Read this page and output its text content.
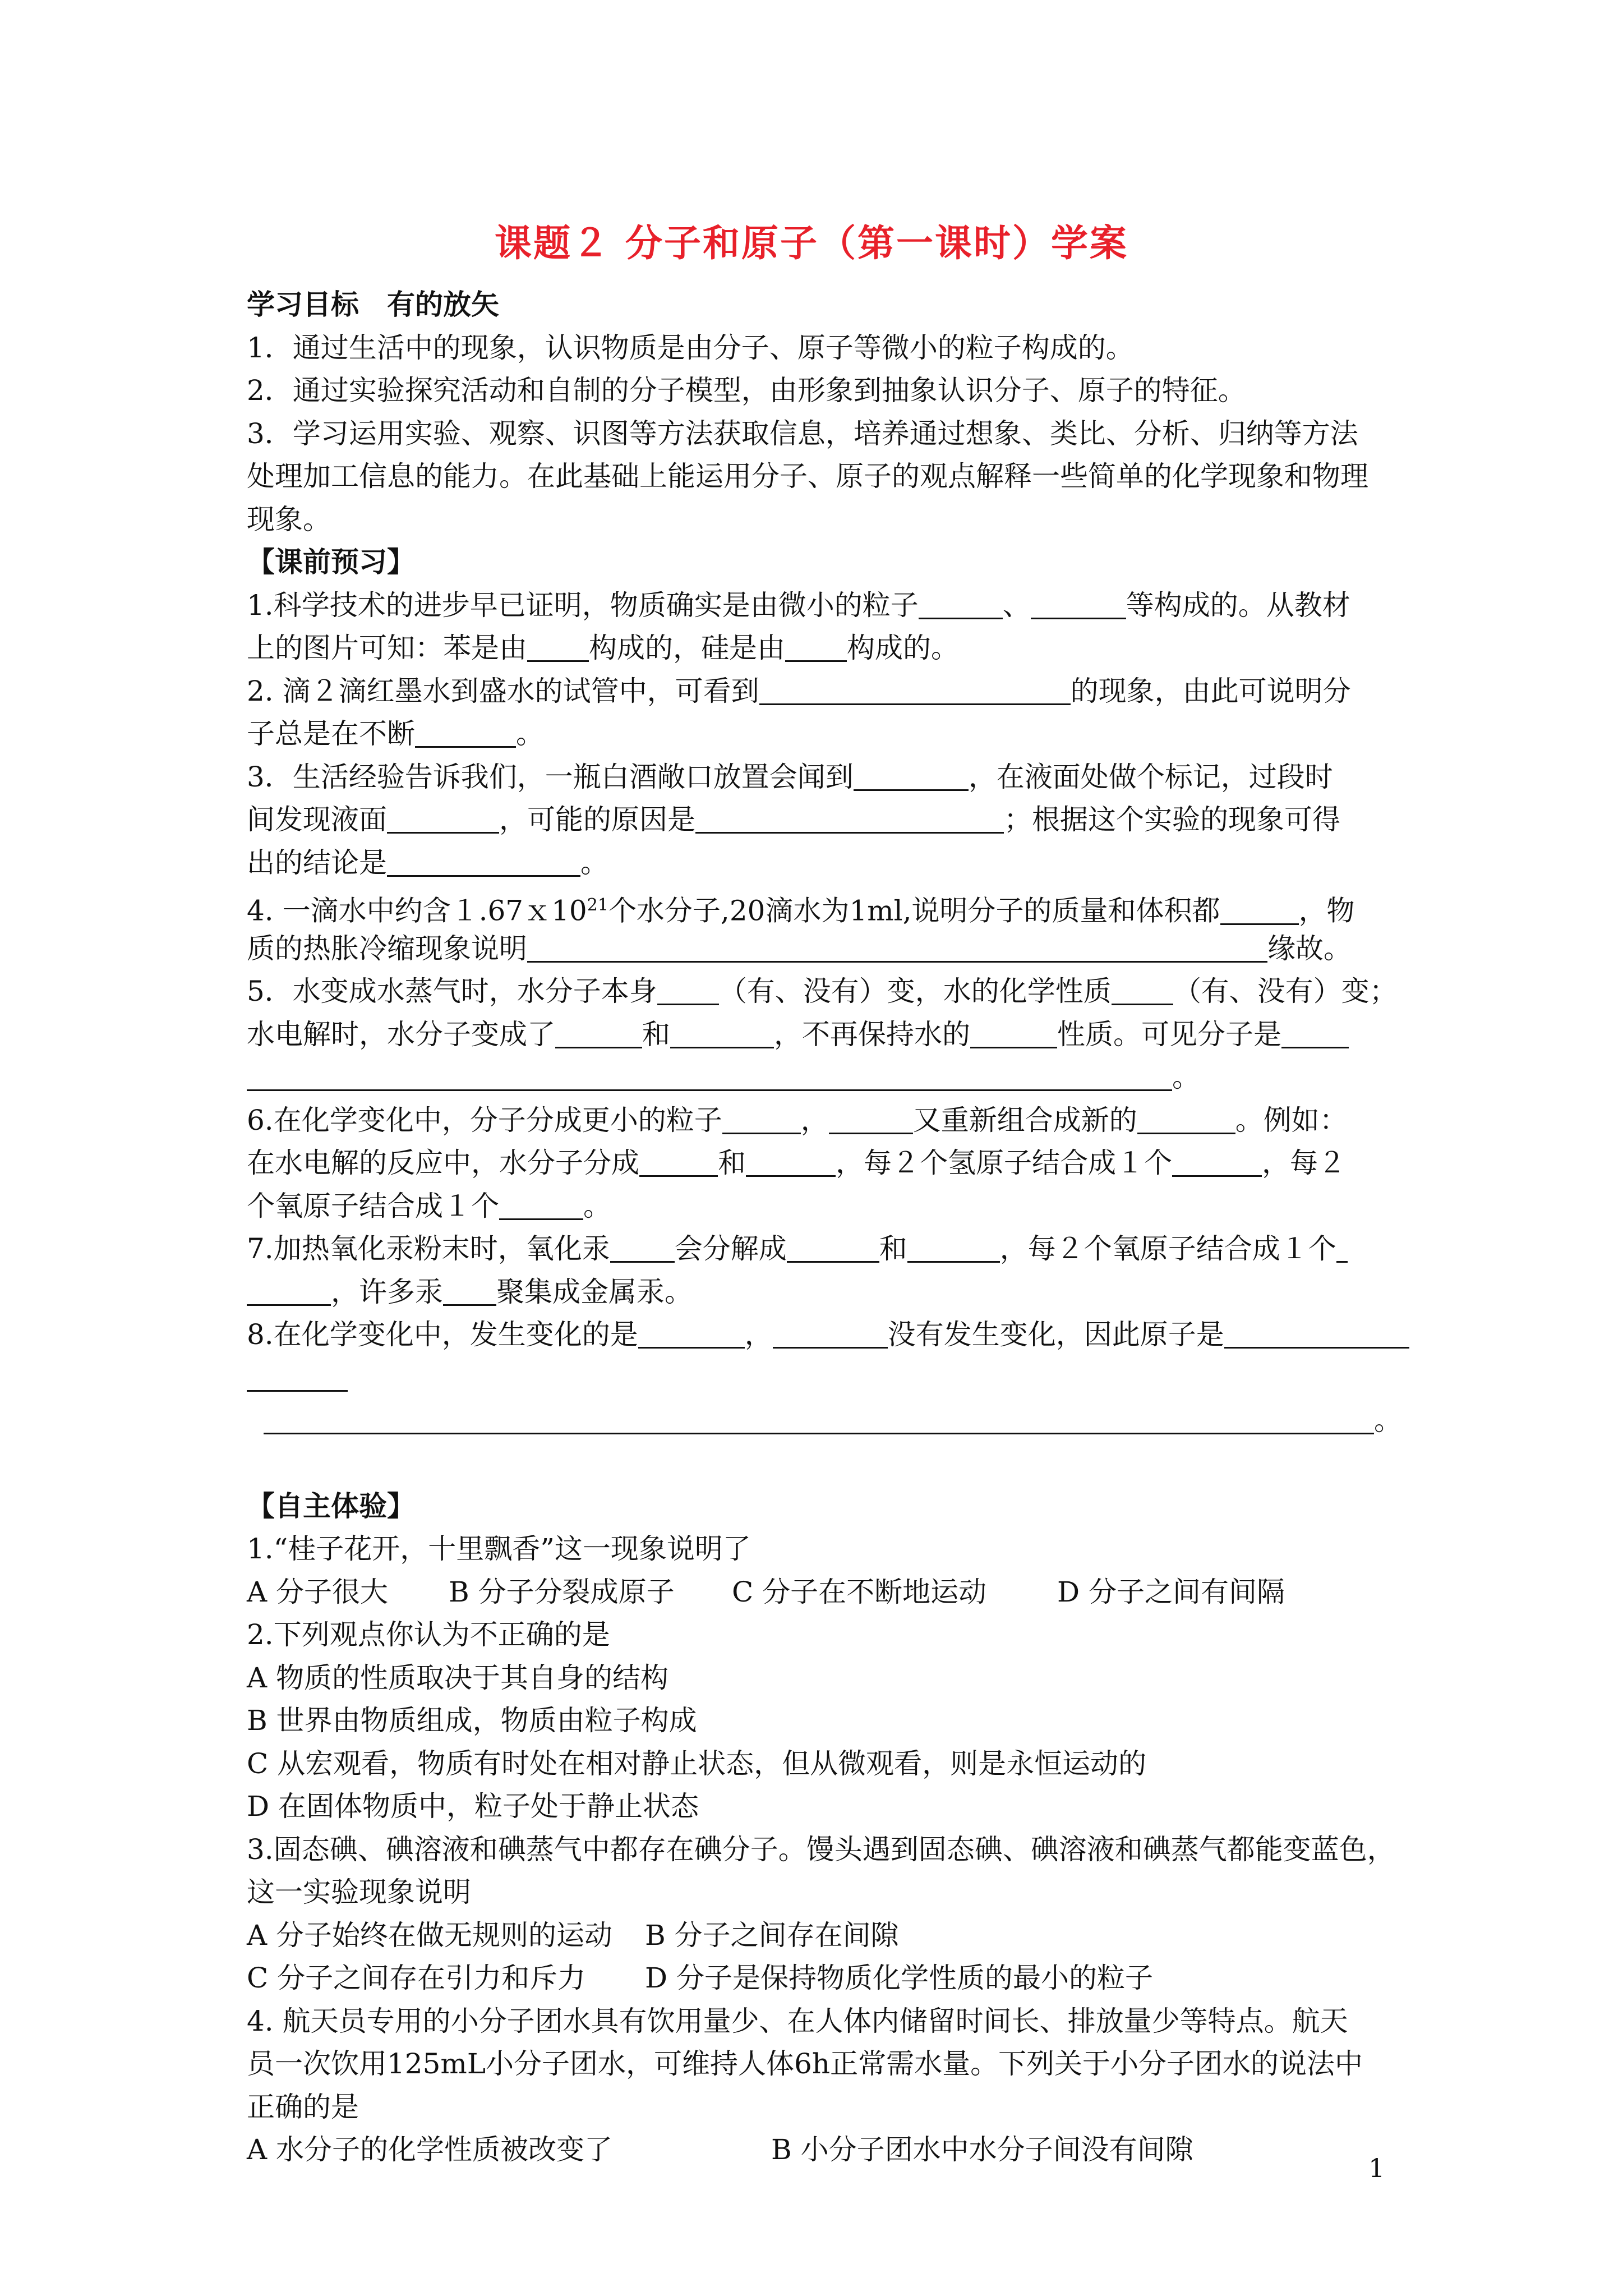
课题２ 分子和原子（第一课时）学案
学习目标　有的放矢
1．通过生活中的现象，认识物质是由分子、原子等微小的粒子构成的。
2．通过实验探究活动和自制的分子模型，由形象到抽象认识分子、原子的特征。
3．学习运用实验、观察、识图等方法获取信息，培养通过想象、类比、分析、归纳等方法
处理加工信息的能力。在此基础上能运用分子、原子的观点解释一些简单的化学现象和物理
现象。
【课前预习】
1.科学技术的进步早已证明，物质确实是由微小的粒子	、	等构成的。从教材
上的图片可知：苯是由 构成的，硅是由 构成的。
2. 滴２滴红墨水到盛水的试管中，可看到	的现象，由此可说明分
子总是在不断	。
3．生活经验告诉我们，一瓶白酒敞口放置会闻到	，在液面处做个标记，过段时
间发现液面	，可能的原因是	；根据这个实验的现象可得
出的结论是	。
4. 一滴水中约含$1.67x10^{21}$个水分子,20滴水为1ml,说明分子的质量和体积都	，物
质的热胀冷缩现象说明	缘故。
5．水变成水蒸气时，水分子本身 （有、没有）变，水的化学性质 （有、没有）变；
水电解时，水分子变成了	和	，不再保持水的	性质。可见分子是
。
6.在化学变化中，分子分成更小的粒子	，	又重新组合成新的	。例如：
在水电解的反应中，水分子分成	和	，每２个氢原子结合成１个	，每２
个氧原子结合成１个	。
7.加热氧化汞粉末时，氧化汞 会分解成	和	，每２个氧原子结合成１个
，许多汞 聚集成金属汞。
8.在化学变化中，发生变化的是	，	没有发生变化，因此原子是
。
【自主体验】
1.“桂子花开，十里飘香”这一现象说明了
A 分子很大	B 分子分裂成原子	C 分子在不断地运动	D 分子之间有间隔
2.下列观点你认为不正确的是
A 物质的性质取决于其自身的结构
B 世界由物质组成，物质由粒子构成
C 从宏观看，物质有时处在相对静止状态，但从微观看，则是永恒运动的
D 在固体物质中，粒子处于静止状态
3.固态碘、碘溶液和碘蒸气中都存在碘分子。馒头遇到固态碘、碘溶液和碘蒸气都能变蓝色，
这一实验现象说明
A 分子始终在做无规则的运动	B 分子之间存在间隙
C 分子之间存在引力和斥力	D 分子是保持物质化学性质的最小的粒子
4. 航天员专用的小分子团水具有饮用量少、在人体内储留时间长、排放量少等特点。航天
员一次饮用125mL小分子团水，可维持人体6h正常需水量。下列关于小分子团水的说法中
正确的是
A 水分子的化学性质被改变了	B 小分子团水中水分子间没有间隙
1
